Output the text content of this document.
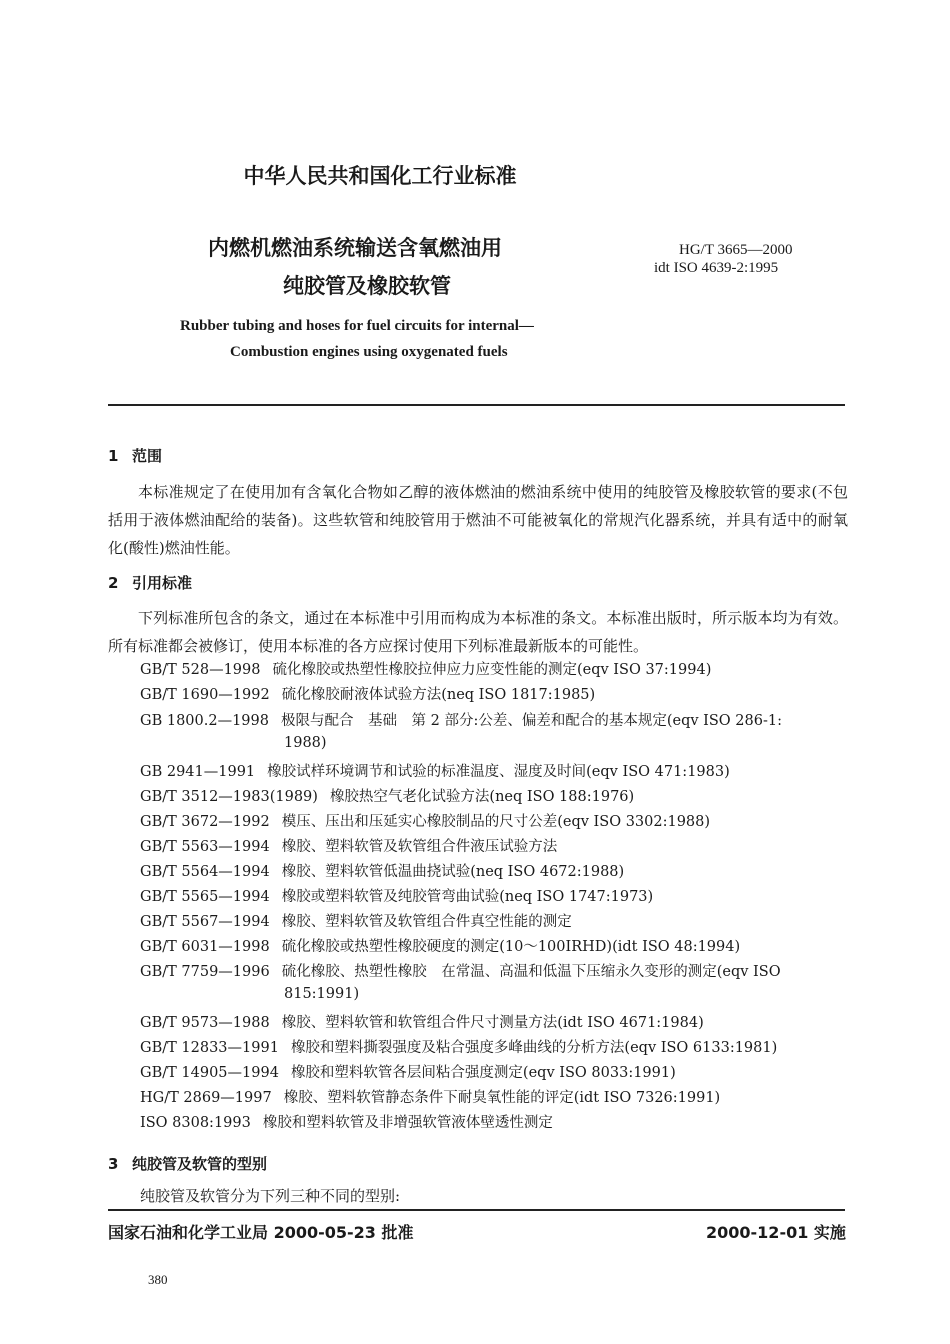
中华人民共和国化工行业标准
内燃机燃油系统输送含氧燃油用
纯胶管及橡胶软管
HG/T 3665—2000
idt ISO 4639-2:1995
Rubber tubing and hoses for fuel circuits for internal—
Combustion engines using oxygenated fuels
1 范围
本标准规定了在使用加有含氧化合物如乙醇的液体燃油的燃油系统中使用的纯胶管及橡胶软管的要求(不包括用于液体燃油配给的装备)。这些软管和纯胶管用于燃油不可能被氧化的常规汽化器系统，并具有适中的耐氧化(酸性)燃油性能。
2 引用标准
下列标准所包含的条文，通过在本标准中引用而构成为本标准的条文。本标准出版时，所示版本均为有效。所有标准都会被修订，使用本标准的各方应探讨使用下列标准最新版本的可能性。
GB/T 528—1998 硫化橡胶或热塑性橡胶拉伸应力应变性能的测定(eqv ISO 37:1994)
GB/T 1690—1992 硫化橡胶耐液体试验方法(neq ISO 1817:1985)
GB 1800.2—1998 极限与配合　基础　第 2 部分:公差、偏差和配合的基本规定(eqv ISO 286-1:
1988)
GB 2941—1991 橡胶试样环境调节和试验的标准温度、湿度及时间(eqv ISO 471:1983)
GB/T 3512—1983(1989) 橡胶热空气老化试验方法(neq ISO 188:1976)
GB/T 3672—1992 模压、压出和压延实心橡胶制品的尺寸公差(eqv ISO 3302:1988)
GB/T 5563—1994 橡胶、塑料软管及软管组合件液压试验方法
GB/T 5564—1994 橡胶、塑料软管低温曲挠试验(neq ISO 4672:1988)
GB/T 5565—1994 橡胶或塑料软管及纯胶管弯曲试验(neq ISO 1747:1973)
GB/T 5567—1994 橡胶、塑料软管及软管组合件真空性能的测定
GB/T 6031—1998 硫化橡胶或热塑性橡胶硬度的测定(10～100IRHD)(idt ISO 48:1994)
GB/T 7759—1996 硫化橡胶、热塑性橡胶　在常温、高温和低温下压缩永久变形的测定(eqv ISO
815:1991)
GB/T 9573—1988 橡胶、塑料软管和软管组合件尺寸测量方法(idt ISO 4671:1984)
GB/T 12833—1991 橡胶和塑料撕裂强度及粘合强度多峰曲线的分析方法(eqv ISO 6133:1981)
GB/T 14905—1994 橡胶和塑料软管各层间粘合强度测定(eqv ISO 8033:1991)
HG/T 2869—1997 橡胶、塑料软管静态条件下耐臭氧性能的评定(idt ISO 7326:1991)
ISO 8308:1993 橡胶和塑料软管及非增强软管液体壁透性测定
3 纯胶管及软管的型别
纯胶管及软管分为下列三种不同的型别:
国家石油和化学工业局 2000-05-23 批准	2000-12-01 实施
380
